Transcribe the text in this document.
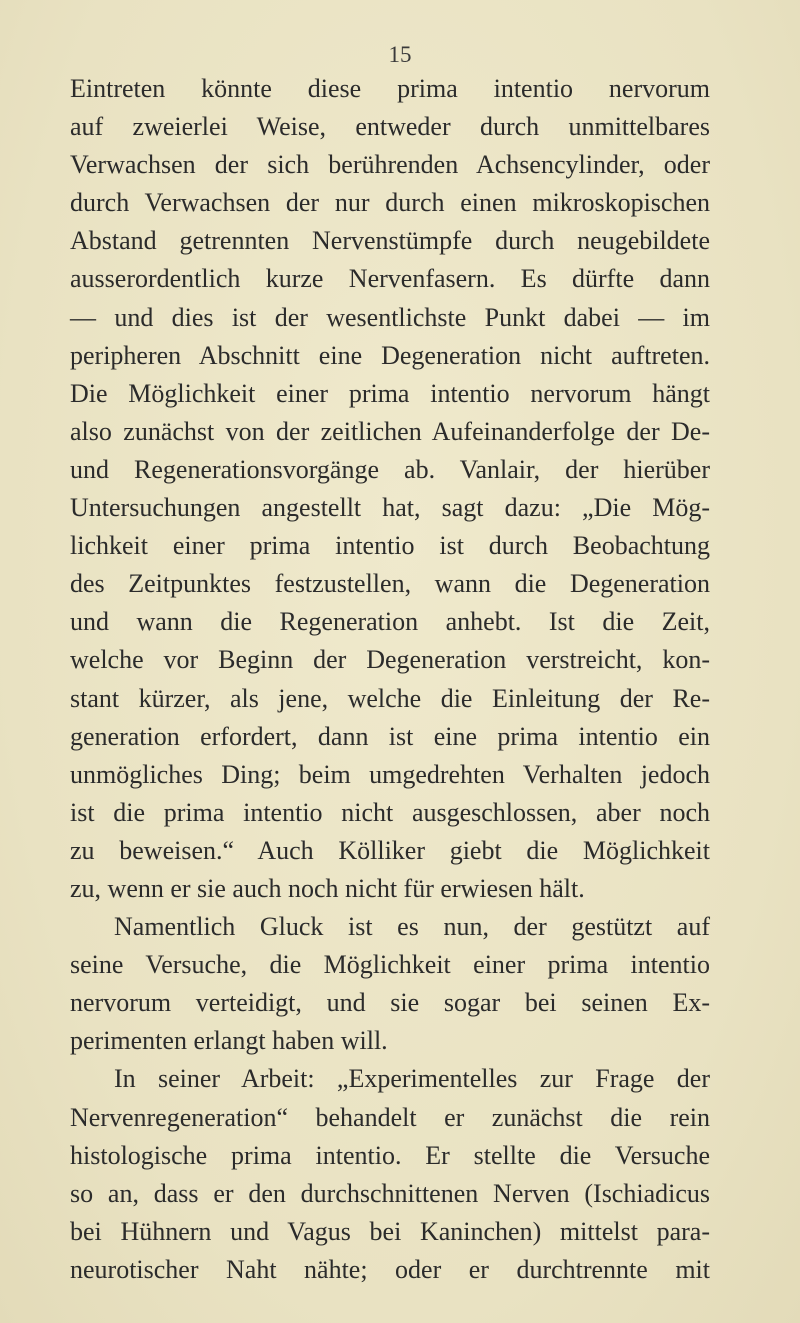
15

Eintreten könnte diese prima intentio nervorum
auf zweierlei Weise, entweder durch unmittelbares
Verwachsen der sich berührenden Achsencylinder, oder
durch Verwachsen der nur durch einen mikroskopischen
Abstand getrennten Nervenstümpfe durch neugebildete
ausserordentlich kurze Nervenfasern. Es dürfte dann
— und dies ist der wesentlichste Punkt dabei — im
peripheren Abschnitt eine Degeneration nicht auftreten.
Die Möglichkeit einer prima intentio nervorum hängt
also zunächst von der zeitlichen Aufeinanderfolge der De-
und Regenerationsvorgänge ab. Vanlair, der hierüber
Untersuchungen angestellt hat, sagt dazu: „Die Mög-
lichkeit einer prima intentio ist durch Beobachtung
des Zeitpunktes festzustellen, wann die Degeneration
und wann die Regeneration anhebt. Ist die Zeit,
welche vor Beginn der Degeneration verstreicht, kon-
stant kürzer, als jene, welche die Einleitung der Re-
generation erfordert, dann ist eine prima intentio ein
unmögliches Ding; beim umgedrehten Verhalten jedoch
ist die prima intentio nicht ausgeschlossen, aber noch
zu beweisen.“ Auch Kölliker giebt die Möglichkeit
zu, wenn er sie auch noch nicht für erwiesen hält.

Namentlich Gluck ist es nun, der gestützt auf
seine Versuche, die Möglichkeit einer prima intentio
nervorum verteidigt, und sie sogar bei seinen Ex-
perimenten erlangt haben will.

In seiner Arbeit: „Experimentelles zur Frage der
Nervenregeneration“ behandelt er zunächst die rein
histologische prima intentio. Er stellte die Versuche
so an, dass er den durchschnittenen Nerven (Ischiadicus
bei Hühnern und Vagus bei Kaninchen) mittelst para-
neurotischer Naht nähte; oder er durchtrennte mit
